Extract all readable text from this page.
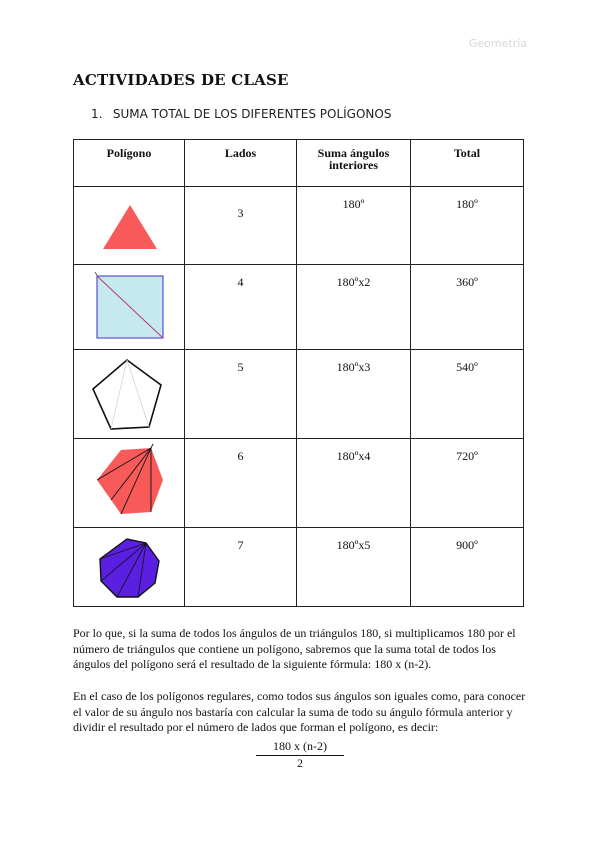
Geometría
ACTIVIDADES DE CLASE
1. SUMA TOTAL DE LOS DIFERENTES POLÍGONOS
Polígono	Lados	Suma ángulos interiores	Total

3	180º	180º

4	180ºx2	360º

5	180ºx3	540º

6	180ºx4	720º

7	180ºx5	900º
Por lo que, si la suma de todos los ángulos de un triángulos 180, si multiplicamos 180 por el número de triángulos que contiene un polígono, sabremos que la suma total de todos los ángulos del polígono será el resultado de la siguiente fórmula: 180 x (n-2).
En el caso de los polígonos regulares, como todos sus ángulos son iguales como, para conocer el valor de su ángulo nos bastaría con calcular la suma de todo su ángulo fórmula anterior y dividir el resultado por el número de lados que forman el polígono, es decir:
180 x (n-2)
2
